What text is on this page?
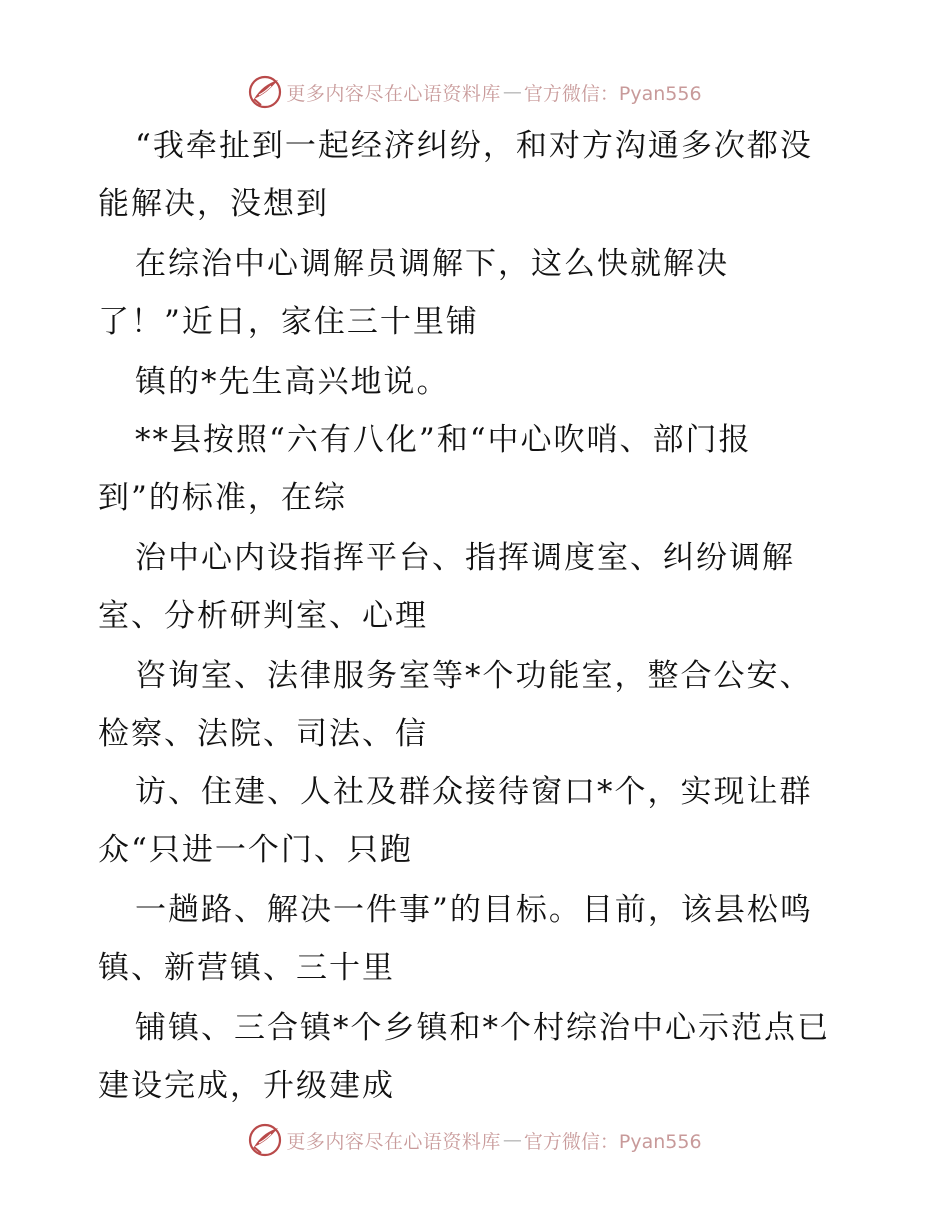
更多内容尽在心语资料库 — 官方微信：Pyan556
“我牵扯到一起经济纠纷，和对方沟通多次都没
能解决，没想到
在综治中心调解员调解下，这么快就解决
了！”近日，家住三十里铺
镇的*先生高兴地说。
**县按照“六有八化”和“中心吹哨、部门报
到”的标准，在综
治中心内设指挥平台、指挥调度室、纠纷调解
室、分析研判室、心理
咨询室、法律服务室等*个功能室，整合公安、
检察、法院、司法、信
访、住建、人社及群众接待窗口*个，实现让群
众“只进一个门、只跑
一趟路、解决一件事”的目标。目前，该县松鸣
镇、新营镇、三十里
铺镇、三合镇*个乡镇和*个村综治中心示范点已
建设完成，升级建成
更多内容尽在心语资料库 — 官方微信：Pyan556
